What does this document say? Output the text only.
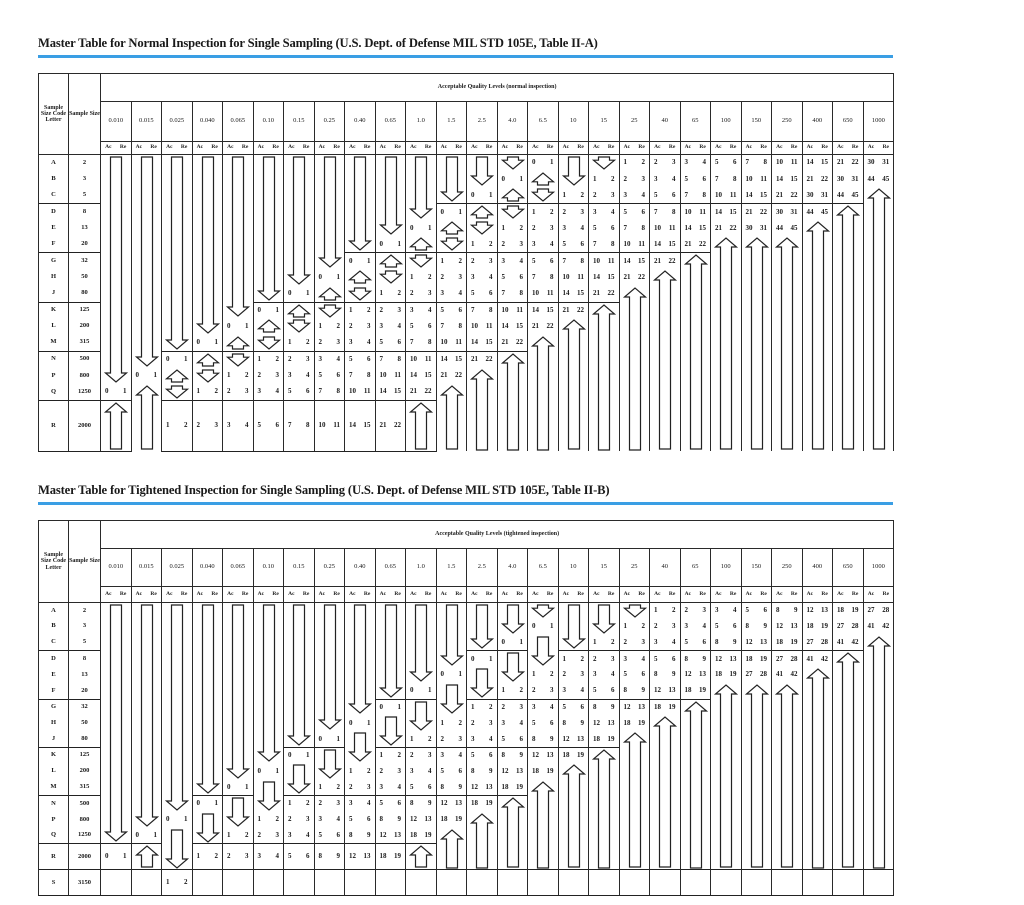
Master Table for Normal Inspection for Single Sampling (U.S. Dept. of Defense MIL STD 105E, Table II-A)
Sample Size Code Letter	Sample Size	Acceptable Quality Levels (normal inspection)																									
		0.010	0.015	0.025	0.040	0.065	0.10	0.15	0.25	0.40	0.65	1.0	1.5	2.5	4.0	6.5	10	15	25	40	65	100	150	250	400	650	1000

		Ac Re	Ac Re	Ac Re	Ac Re	Ac Re	Ac Re	Ac Re	Ac Re	Ac Re	Ac Re	Ac Re	Ac Re	Ac Re	Ac Re	Ac Re	Ac Re	Ac Re	Ac Re	Ac Re	Ac Re	Ac Re	Ac Re	Ac Re	Ac Re	Ac Re	Ac Re

A	2															0 1			1 2	2 3	3 4	5 6	7 8	10 11	14 15	21 22	30 31

B	3														0 1			1 2	2 3	3 4	5 6	7 8	10 11	14 15	21 22	30 31	44 45

C	5													0 1			1 2	2 3	3 4	5 6	7 8	10 11	14 15	21 22	30 31	44 45

D	8												0 1			1 2	2 3	3 4	5 6	7 8	10 11	14 15	21 22	30 31	44 45

E	13											0 1			1 2	2 3	3 4	5 6	7 8	10 11	14 15	21 22	30 31	44 45

F	20										0 1			1 2	2 3	3 4	5 6	7 8	10 11	14 15	21 22

G	32									0 1			1 2	2 3	3 4	5 6	7 8	10 11	14 15	21 22

H	50								0 1			1 2	2 3	3 4	5 6	7 8	10 11	14 15	21 22

J	80							0 1			1 2	2 3	3 4	5 6	7 8	10 11	14 15	21 22

K	125						0 1			1 2	2 3	3 4	5 6	7 8	10 11	14 15	21 22

L	200					0 1			1 2	2 3	3 4	5 6	7 8	10 11	14 15	21 22

M	315				0 1			1 2	2 3	3 4	5 6	7 8	10 11	14 15	21 22

N	500			0 1			1 2	2 3	3 4	5 6	7 8	10 11	14 15	21 22

P	800		0 1			1 2	2 3	3 4	5 6	7 8	10 11	14 15	21 22

Q	1250	0 1			1 2	2 3	3 4	5 6	7 8	10 11	14 15	21 22

R	2000			1 2	2 3	3 4	5 6	7 8	10 11	14 15	21 22

Master Table for Tightened Inspection for Single Sampling (U.S. Dept. of Defense MIL STD 105E, Table II-B)
Sample Size Code Letter	Sample Size	Acceptable Quality Levels (tightened inspection)																									
		0.010	0.015	0.025	0.040	0.065	0.10	0.15	0.25	0.40	0.65	1.0	1.5	2.5	4.0	6.5	10	15	25	40	65	100	150	250	400	650	1000

		Ac Re	Ac Re	Ac Re	Ac Re	Ac Re	Ac Re	Ac Re	Ac Re	Ac Re	Ac Re	Ac Re	Ac Re	Ac Re	Ac Re	Ac Re	Ac Re	Ac Re	Ac Re	Ac Re	Ac Re	Ac Re	Ac Re	Ac Re	Ac Re	Ac Re	Ac Re

A	2																			1 2	2 3	3 4	5 6	8 9	12 13	18 19	27 28

B	3															0 1			1 2	2 3	3 4	5 6	8 9	12 13	18 19	27 28	41 42

C	5														0 1			1 2	2 3	3 4	5 6	8 9	12 13	18 19	27 28	41 42

D	8													0 1			1 2	2 3	3 4	5 6	8 9	12 13	18 19	27 28	41 42

E	13												0 1			1 2	2 3	3 4	5 6	8 9	12 13	18 19	27 28	41 42

F	20											0 1			1 2	2 3	3 4	5 6	8 9	12 13	18 19

G	32										0 1			1 2	2 3	3 4	5 6	8 9	12 13	18 19

H	50									0 1			1 2	2 3	3 4	5 6	8 9	12 13	18 19

J	80								0 1			1 2	2 3	3 4	5 6	8 9	12 13	18 19

K	125							0 1			1 2	2 3	3 4	5 6	8 9	12 13	18 19

L	200						0 1			1 2	2 3	3 4	5 6	8 9	12 13	18 19

M	315					0 1			1 2	2 3	3 4	5 6	8 9	12 13	18 19

N	500				0 1			1 2	2 3	3 4	5 6	8 9	12 13	18 19

P	800			0 1			1 2	2 3	3 4	5 6	8 9	12 13	18 19

Q	1250		0 1			1 2	2 3	3 4	5 6	8 9	12 13	18 19

R	2000	0 1			1 2	2 3	3 4	5 6	8 9	12 13	18 19

S	3150			1 2																							
